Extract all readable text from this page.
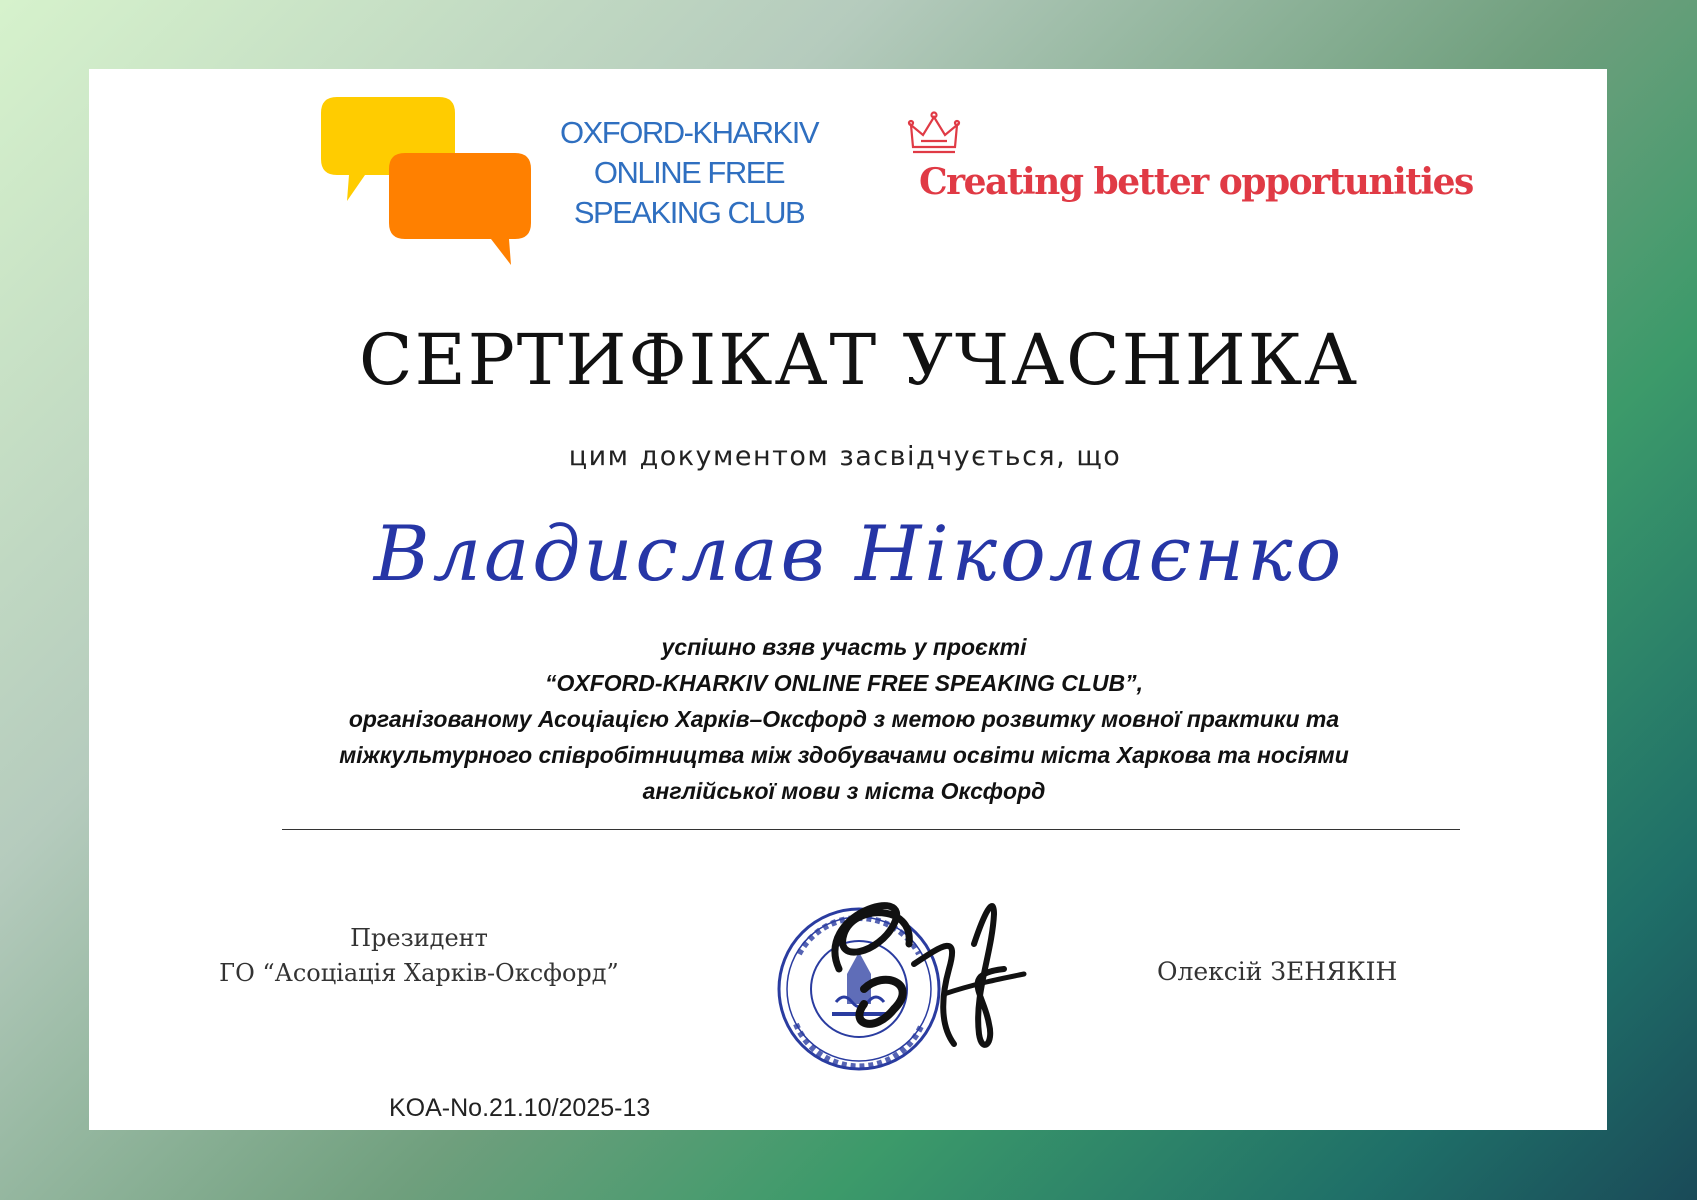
OXFORD-KHARKIV
ONLINE FREE
SPEAKING CLUB
Creating better opportunities
СЕРТИФІКАТ УЧАСНИКА
цим документом засвідчується, що
Владислав Ніколаєнко
успішно взяв участь у проєкті
“OXFORD-KHARKIV ONLINE FREE SPEAKING CLUB”,
організованому Асоціацією Харків–Оксфорд з метою розвитку мовної практики та
міжкультурного співробітництва між здобувачами освіти міста Харкова та носіями
англійської мови з міста Оксфорд
Президент
ГО “Асоціація Харків-Оксфорд”	Олексій ЗЕНЯКІН
KOA-No.21.10/2025-13
